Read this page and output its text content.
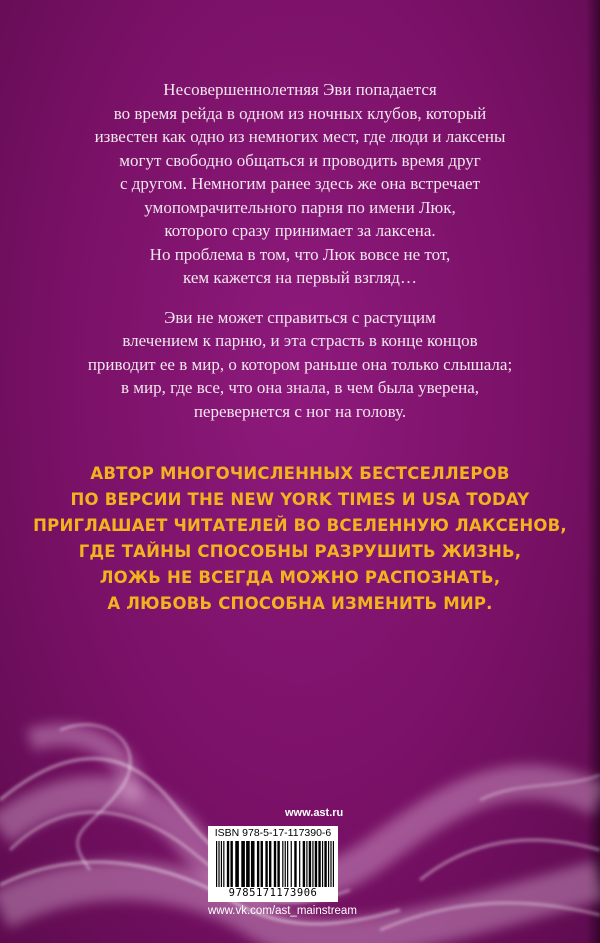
Несовершеннолетняя Эви попадается
во время рейда в одном из ночных клубов, который
известен как одно из немногих мест, где люди и лаксены
могут свободно общаться и проводить время друг
с другом. Немногим ранее здесь же она встречает
умопомрачительного парня по имени Люк,
которого сразу принимает за лаксена.
Но проблема в том, что Люк вовсе не тот,
кем кажется на первый взгляд…

Эви не может справиться с растущим
влечением к парню, и эта страсть в конце концов
приводит ее в мир, о котором раньше она только слышала;
в мир, где все, что она знала, в чем была уверена,
перевернется с ног на голову.

АВТОР МНОГОЧИСЛЕННЫХ БЕСТСЕЛЛЕРОВ
ПО ВЕРСИИ THE NEW YORK TIMES И USA TODAY
ПРИГЛАШАЕТ ЧИТАТЕЛЕЙ ВО ВСЕЛЕННУЮ ЛАКСЕНОВ,
ГДЕ ТАЙНЫ СПОСОБНЫ РАЗРУШИТЬ ЖИЗНЬ,
ЛОЖЬ НЕ ВСЕГДА МОЖНО РАСПОЗНАТЬ,
А ЛЮБОВЬ СПОСОБНА ИЗМЕНИТЬ МИР.
www.ast.ru
ISBN 978-5-17-117390-6
9785171173906
www.vk.com/ast_mainstream
